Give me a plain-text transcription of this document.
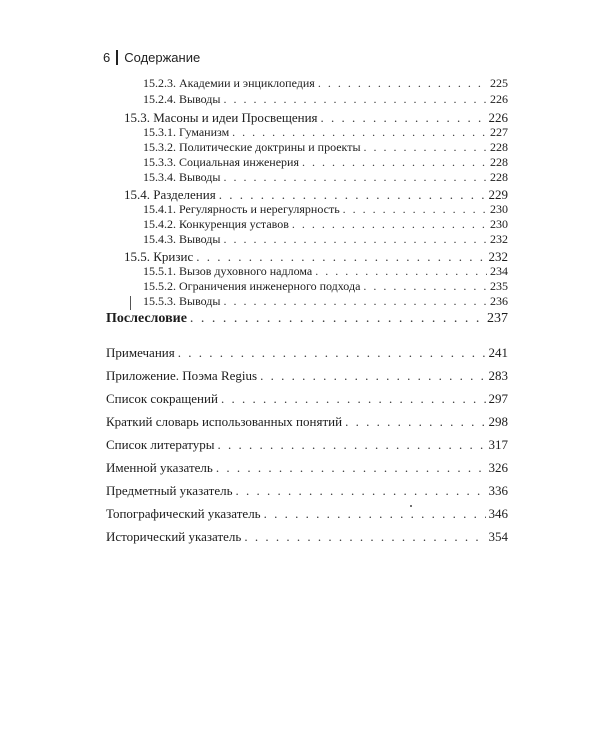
6 Содержание
15.2.3. Академии и энциклопедия . . .	225
15.2.4. Выводы . . .	226
15.3. Масоны и идеи Просвещения . . .	226
15.3.1. Гуманизм . . .	227
15.3.2. Политические доктрины и проекты . . .	228
15.3.3. Социальная инженерия . . .	228
15.3.4. Выводы . . .	228
15.4. Разделения . . .	229
15.4.1. Регулярность и нерегулярность . . .	230
15.4.2. Конкуренция уставов . . .	230
15.4.3. Выводы . . .	232
15.5. Кризис . . .	232
15.5.1. Вызов духовного надлома . . .	234
15.5.2. Ограничения инженерного подхода . . .	235
15.5.3. Выводы . . .	236
Послесловие . . .	237
Примечания . . .	241
Приложение. Поэма Regius . . .	283
Список сокращений . . .	297
Краткий словарь использованных понятий . . .	298
Список литературы . . .	317
Именной указатель . . .	326
Предметный указатель . . .	336
Топографический указатель . . .	346
Исторический указатель . . .	354
